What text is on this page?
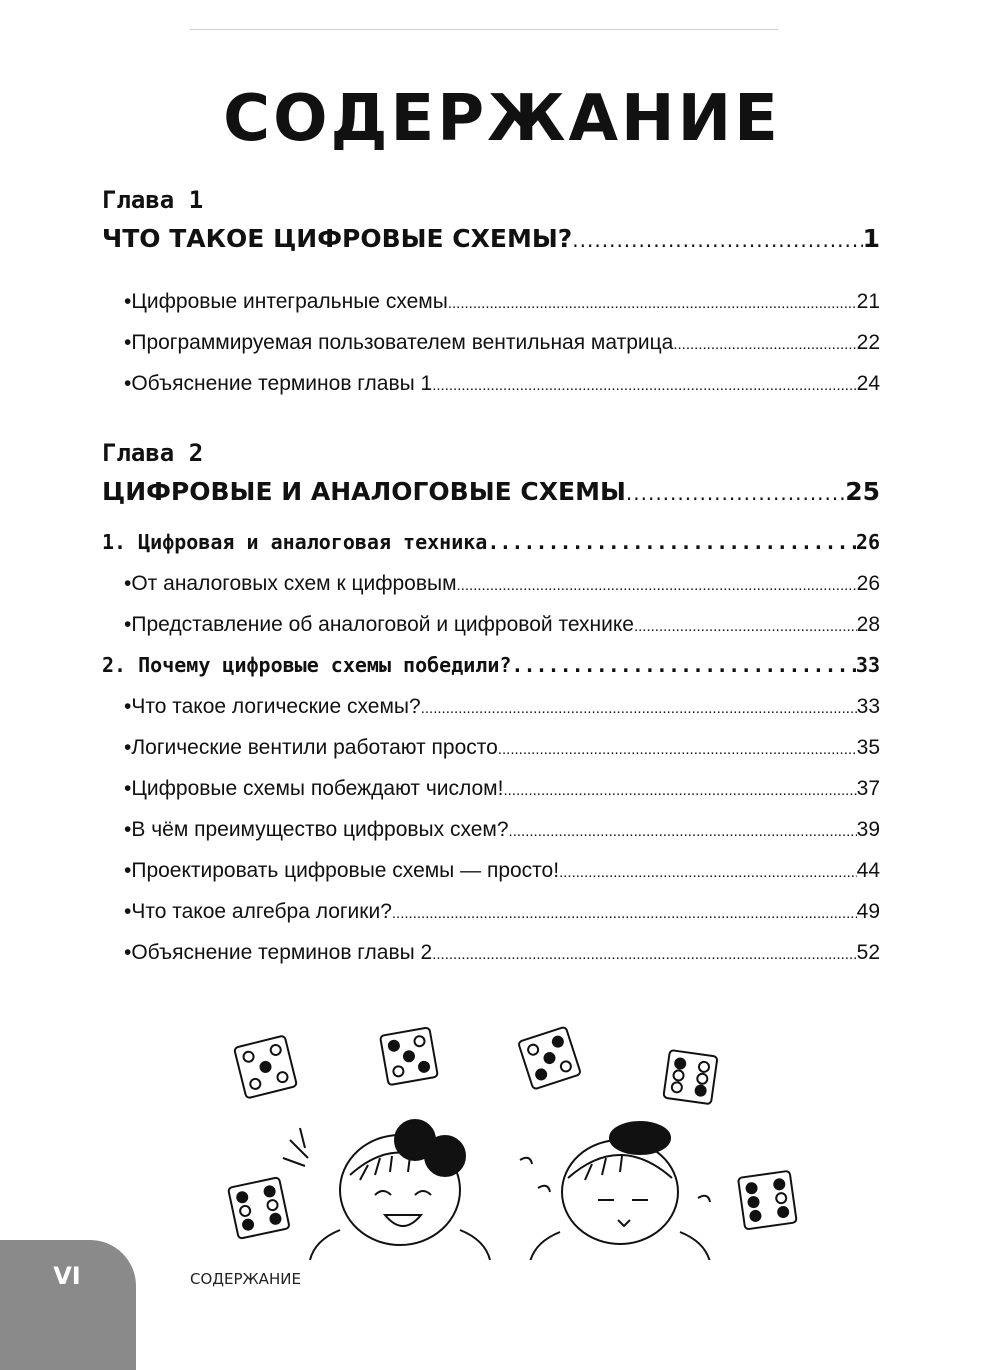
СОДЕРЖАНИЕ
Глава 1
ЧТО ТАКОЕ ЦИФРОВЫЕ СХЕМЫ? .....	1
•Цифровые интегральные схемы .....	21
•Программируемая пользователем вентильная матрица .....	22
•Объяснение терминов главы 1 .....	24
Глава 2
ЦИФРОВЫЕ И АНАЛОГОВЫЕ СХЕМЫ .....	25
1. Цифровая и аналоговая техника .....	26
•От аналоговых схем к цифровым .....	26
•Представление об аналоговой и цифровой технике .....	28
2. Почему цифровые схемы победили? .....	33
•Что такое логические схемы? .....	33
•Логические вентили работают просто .....	35
•Цифровые схемы побеждают числом! .....	37
•В чём преимущество цифровых схем? .....	39
•Проектировать цифровые схемы — просто! .....	44
•Что такое алгебра логики? .....	49
•Объяснение терминов главы 2 .....	52
VI	СОДЕРЖАНИЕ
